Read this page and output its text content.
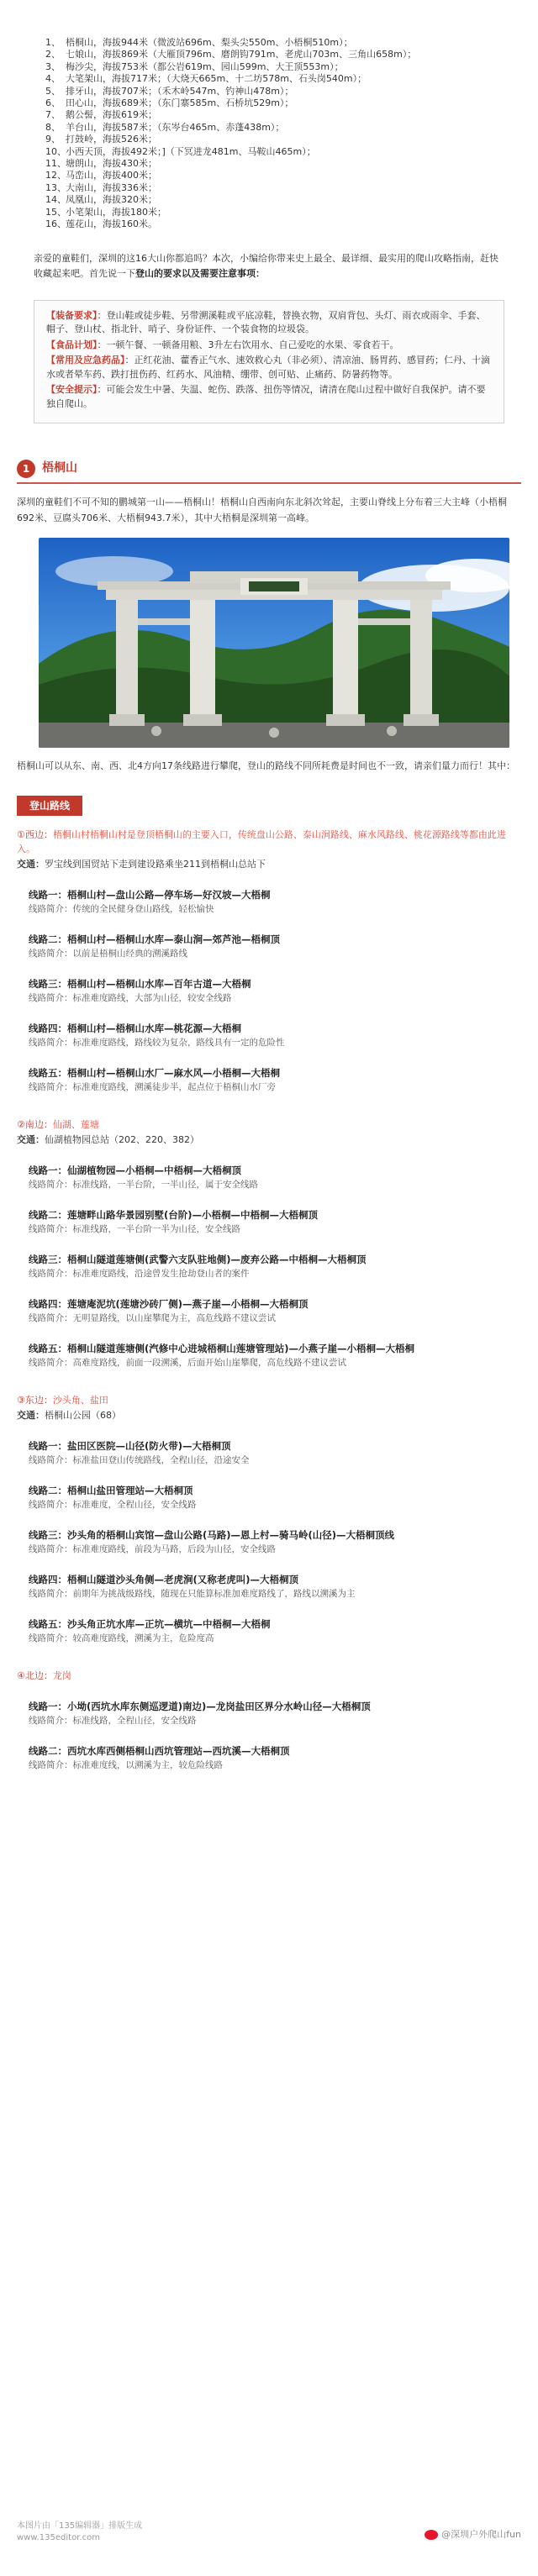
1、 梧桐山，海拔944米（微波站696m、梨头尖550m、小梧桐510m）；
2、 七娘山，海拔869米（大雁顶796m、磨朗钩791m、老虎山703m、三角山658m）；
3、 梅沙尖，海拔753米（都公岩619m、园山599m、大王顶553m）；
4、 大笔架山，海拔717米；（大烧天665m、十二坊578m、石头岗540m）；
5、 排牙山，海拔707米；（禾木岭547m、钓神山478m）；
6、 田心山，海拔689米；（东门寨585m、石桥坑529m）；
7、 鹅公髻，海拔619米；
8、 羊台山，海拔587米；（东岑台465m、赤蓬438m）；
9、 打鼓岭，海拔526米；
10、 小西天顶，海拔492米；]（下冥进龙481m、马鞍山465m）；
11、 塘朗山，海拔430米；
12、 马峦山，海拔400米；
13、 大南山，海拔336米；
14、 凤凰山，海拔320米；
15、 小笔架山，海拔180米；
16、 莲花山，海拔160米。
亲爱的童鞋们，深圳的这16大山你都追吗？本次，小编给你带来史上最全、最详细、最实用的爬山攻略指南，赶快收藏起来吧。首先说一下登山的要求以及需要注意事项：

【装备要求】：登山鞋或徒步鞋、另带溯溪鞋或平底凉鞋，替换衣物，双肩背包、头灯、雨衣或雨伞、手套、帽子、登山杖、指北针、哨子、身份证件、一个装食物的垃圾袋。

【食品计划】：一顿午餐、一顿备用粮、3升左右饮用水、自己爱吃的水果、零食若干。

【常用及应急药品】：正红花油、藿香正气水、速效救心丸（非必须）、清凉油、肠胃药、感冒药；仁丹、十滴水或者晕车药、跌打扭伤药、红药水、风油精、绷带、创可贴、止痛药、防暑药物等。

【安全提示】：可能会发生中暑、失温、蛇伤、跌落、扭伤等情况，请清在爬山过程中做好自我保护。请不要独自爬山。

1	梧桐山
深圳的童鞋们不可不知的鹏城第一山——梧桐山！梧桐山自西南向东北斜次耸起，主要山脊线上分布着三大主峰（小梧桐692米、豆腐头706米、大梧桐943.7米），其中大梧桐是深圳第一高峰。
梧桐山可以从东、南、西、北4方向17条线路进行攀爬，登山的路线不同所耗费是时间也不一致，请亲们量力而行！其中：
登山路线
①西边：梧桐山村梧桐山村是登顶梧桐山的主要入口，传统盘山公路、泰山涧路线、麻水风路线、桃花源路线等都由此进入。
交通：罗宝线到国贸站下走到建设路乘坐211到梧桐山总站下
线路一：梧桐山村—盘山公路—停车场—好汉坡—大梧桐
线路简介：传统的全民健身登山路线，轻松愉快
线路二：梧桐山村—梧桐山水库—泰山涧—郊芦池—梧桐顶
线路简介：以前是梧桐山经典的溯溪路线
线路三：梧桐山村—梧桐山水库—百年古道—大梧桐
线路简介：标准难度路线，大部为山径，较安全线路
线路四：梧桐山村—梧桐山水库—桃花源—大梧桐
线路简介：标准难度路线，路线较为复杂，路线具有一定的危险性
线路五：梧桐山村—梧桐山水厂—麻水风—小梧桐—大梧桐
线路简介：标准难度路线，溯溪徒步半，起点位于梧桐山水厂旁
②南边：仙湖、莲塘
交通：仙湖植物园总站（202、220、382）
线路一：仙湖植物园—小梧桐—中梧桐—大梧桐顶
线路简介：标准线路，一半台阶，一半山径，属于安全线路
线路二：莲塘畔山路华景园别墅(台阶)—小梧桐—中梧桐—大梧桐顶
线路简介：标准线路，一半台阶一半为山径，安全线路
线路三：梧桐山隧道莲塘侧(武警六支队驻地侧)—废弃公路—中梧桐—大梧桐顶
线路简介：标准难度路线，沿途曾发生抢劫登山者的案件
线路四：莲塘庵泥坑(莲塘沙砖厂侧)—燕子崖—小梧桐—大梧桐顶
线路简介：无明显路线，以山崖攀爬为主，高危线路不建议尝试
线路五：梧桐山隧道莲塘侧(汽修中心进城梧桐山莲塘管理站)—小燕子崖—小梧桐—大梧桐
线路简介：高难度路线，前面一段溯溪，后面开始山崖攀爬，高危线路不建议尝试
③东边：沙头角、盐田
交通：梧桐山公园（68）
线路一：盐田区医院—山径(防火带)—大梧桐顶
线路简介：标准盐田登山传统路线，全程山径，沿途安全
线路二：梧桐山盐田管理站—大梧桐顶
线路简介：标准难度，全程山径，安全线路
线路三：沙头角的梧桐山宾馆—盘山公路(马路)—恩上村—骑马岭(山径)—大梧桐顶线
线路简介：标准难度路线，前段为马路，后段为山径，安全线路
线路四：梧桐山隧道沙头角侧—老虎涧(又称老虎叫)—大梧桐顶
线路简介：前期年为挑战级路线，随现在只能算标准加难度路线了，路线以溯溪为主
线路五：沙头角正坑水库—正坑—横坑—中梧桐—大梧桐
线路简介：较高难度路线，溯溪为主，危险度高
④北边：龙岗
线路一：小坳(西坑水库东侧巡逻道)南边)—龙岗盐田区界分水岭山径—大梧桐顶
线路简介：标准线路，全程山径，安全线路
线路二：西坑水库西侧梧桐山西坑管理站—西坑溪—大梧桐顶
线路简介：标准难度线，以溯溪为主，较危险线路
本图片由「135编辑器」排版生成
www.135editor.com	@深圳户外爬山fun
